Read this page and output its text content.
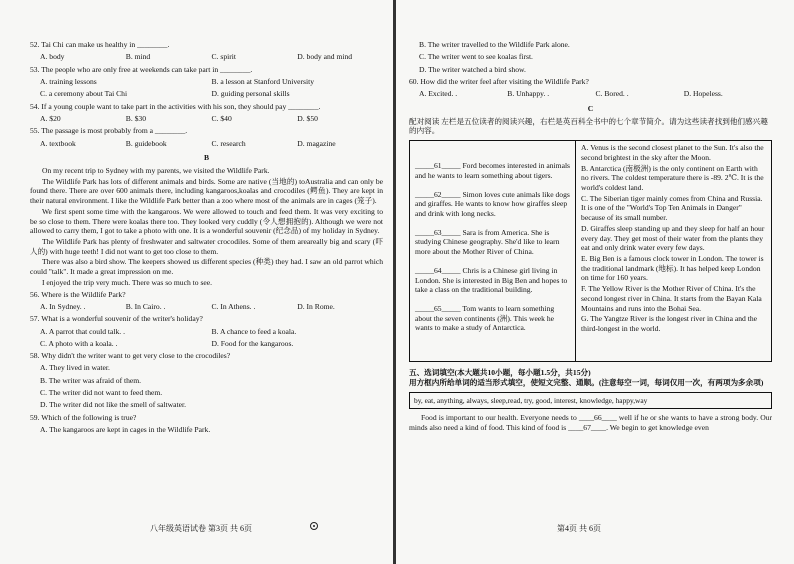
52. Tai Chi can make us healthy in ________.
A. body	B. mind	C. spirit	D. body and mind
53. The people who are only free at weekends can take part in ________.
A. training lessons	B. a lesson at Stanford University
C. a ceremony about Tai Chi	D. guiding personal skills
54. If a young couple want to take part in the activities with his son, they should pay ________.
A. $20	B. $30	C. $40	D. $50
55. The passage is most probably from a ________.
A. textbook	B. guidebook	C. research	D. magazine
B

On my recent trip to Sydney with my parents, we visited the Wildlife Park.

The Wildlife Park has lots of different animals and birds. Some are native (当地的) toAustralia and can only be found there. There are over 600 animals there, including kangaroos,koalas and crocodiles (鳄鱼). They are kept in their natural environment. I like the Wildlife Park better than a zoo where most of the animals are in cages (笼子).

We first spent some time with the kangaroos. We were allowed to touch and feed them. It was very exciting to be so close to them. There were koalas there too. They looked very cuddly (令人想拥抱的). Although we were not allowed to carry them, I got to take a photo with one. It is a wonderful souvenir (纪念品) of my holiday in Sydney.

The Wildlife Park has plenty of freshwater and saltwater crocodiles. Some of them areareally big and scary (吓人的) with huge teeth! I did not want to get too close to them.

There was also a bird show. The keepers showed us different species (种类) they had. I saw an old parrot which could "talk". It made a great impression on me.

I enjoyed the trip very much. There was so much to see.

56. Where is the Wildlife Park?
A. In Sydney. .	B. In Cairo. .	C. In Athens. .	D. In Rome.
57. What is a wonderful souvenir of the writer's holiday?
A. A parrot that could talk. .	B. A chance to feed a koala.
C. A photo with a koala. .	D. Food for the kangaroos.
58. Why didn't the writer want to get very close to the crocodiles?
A. They lived in water.
B. The writer was afraid of them.
C. The writer did not want to feed them.
D. The writer did not like the smell of saltwater.
59. Which of the following is true?
A. The kangaroos are kept in cages in the Wildlife Park.
八年级英语试卷 第3页 共 6页
B. The writer travelled to the Wildlife Park alone.
C. The writer went to see koalas first.
D. The writer watched a bird show.
60. How did the writer feel after visiting the Wildlife Park?
A. Excited. .	B. Unhappy. .	C. Bored. .	D. Hopeless.
C
配对阅读 左栏是五位读者的阅读兴趣，右栏是英百科全书中的七个章节简介。请为这些读者找到他们感兴趣的内容。

_____61_____ Ford becomes interested in animals and he wants to learn something about tigers.

_____62_____ Simon loves cute animals like dogs and giraffes. He wants to know how giraffes sleep and drink with long necks.

_____63_____ Sara is from America. She is studying Chinese geography. She'd like to learn more about the Mother River of China.

_____64_____ Chris is a Chinese girl living in London. She is interested in Big Ben and hopes to take a class on the traditional building.

_____65_____ Tom wants to learn something about the seven continents (洲). This week he wants to make a study of Antarctica.

A. Venus is the second closest planet to the Sun. It's also the second brightest in the sky after the Moon.

B. Antarctica (南极洲) is the only continent on Earth with no rivers. The coldest temperature there is -89. 2℃. It is the world's coldest land.

C. The Siberian tiger mainly comes from China and Russia. It is one of the "World's Top Ten Animals in Danger" because of its small number.

D. Giraffes sleep standing up and they sleep for half an hour every day. They get most of their water from the plants they eat and only drink water every few days.

E. Big Ben is a famous clock tower in London. The tower is the traditional landmark (地标). It has helped keep London on time for 160 years.

F. The Yellow River is the Mother River of China. It's the second longest river in China. It starts from the Bayan Kala Mountains and runs into the Bohai Sea.

G. The Yangtze River is the longest river in China and the third-longest in the world.

五、选词填空(本大题共10小题，每小题1.5分，共15分)
用方框内所给单词的适当形式填空，使短文完整、通顺。(注意每空一词，每词仅用一次，有两项为多余项)
by, eat, anything, always, sleep,read, try, good, interest, knowledge, happy,way
Food is important to our health. Everyone needs to ____66____ well if he or she wants to have a strong body. Our minds also need a kind of food. This kind of food is ____67____. We begin to get knowledge even
第4页 共 6页
